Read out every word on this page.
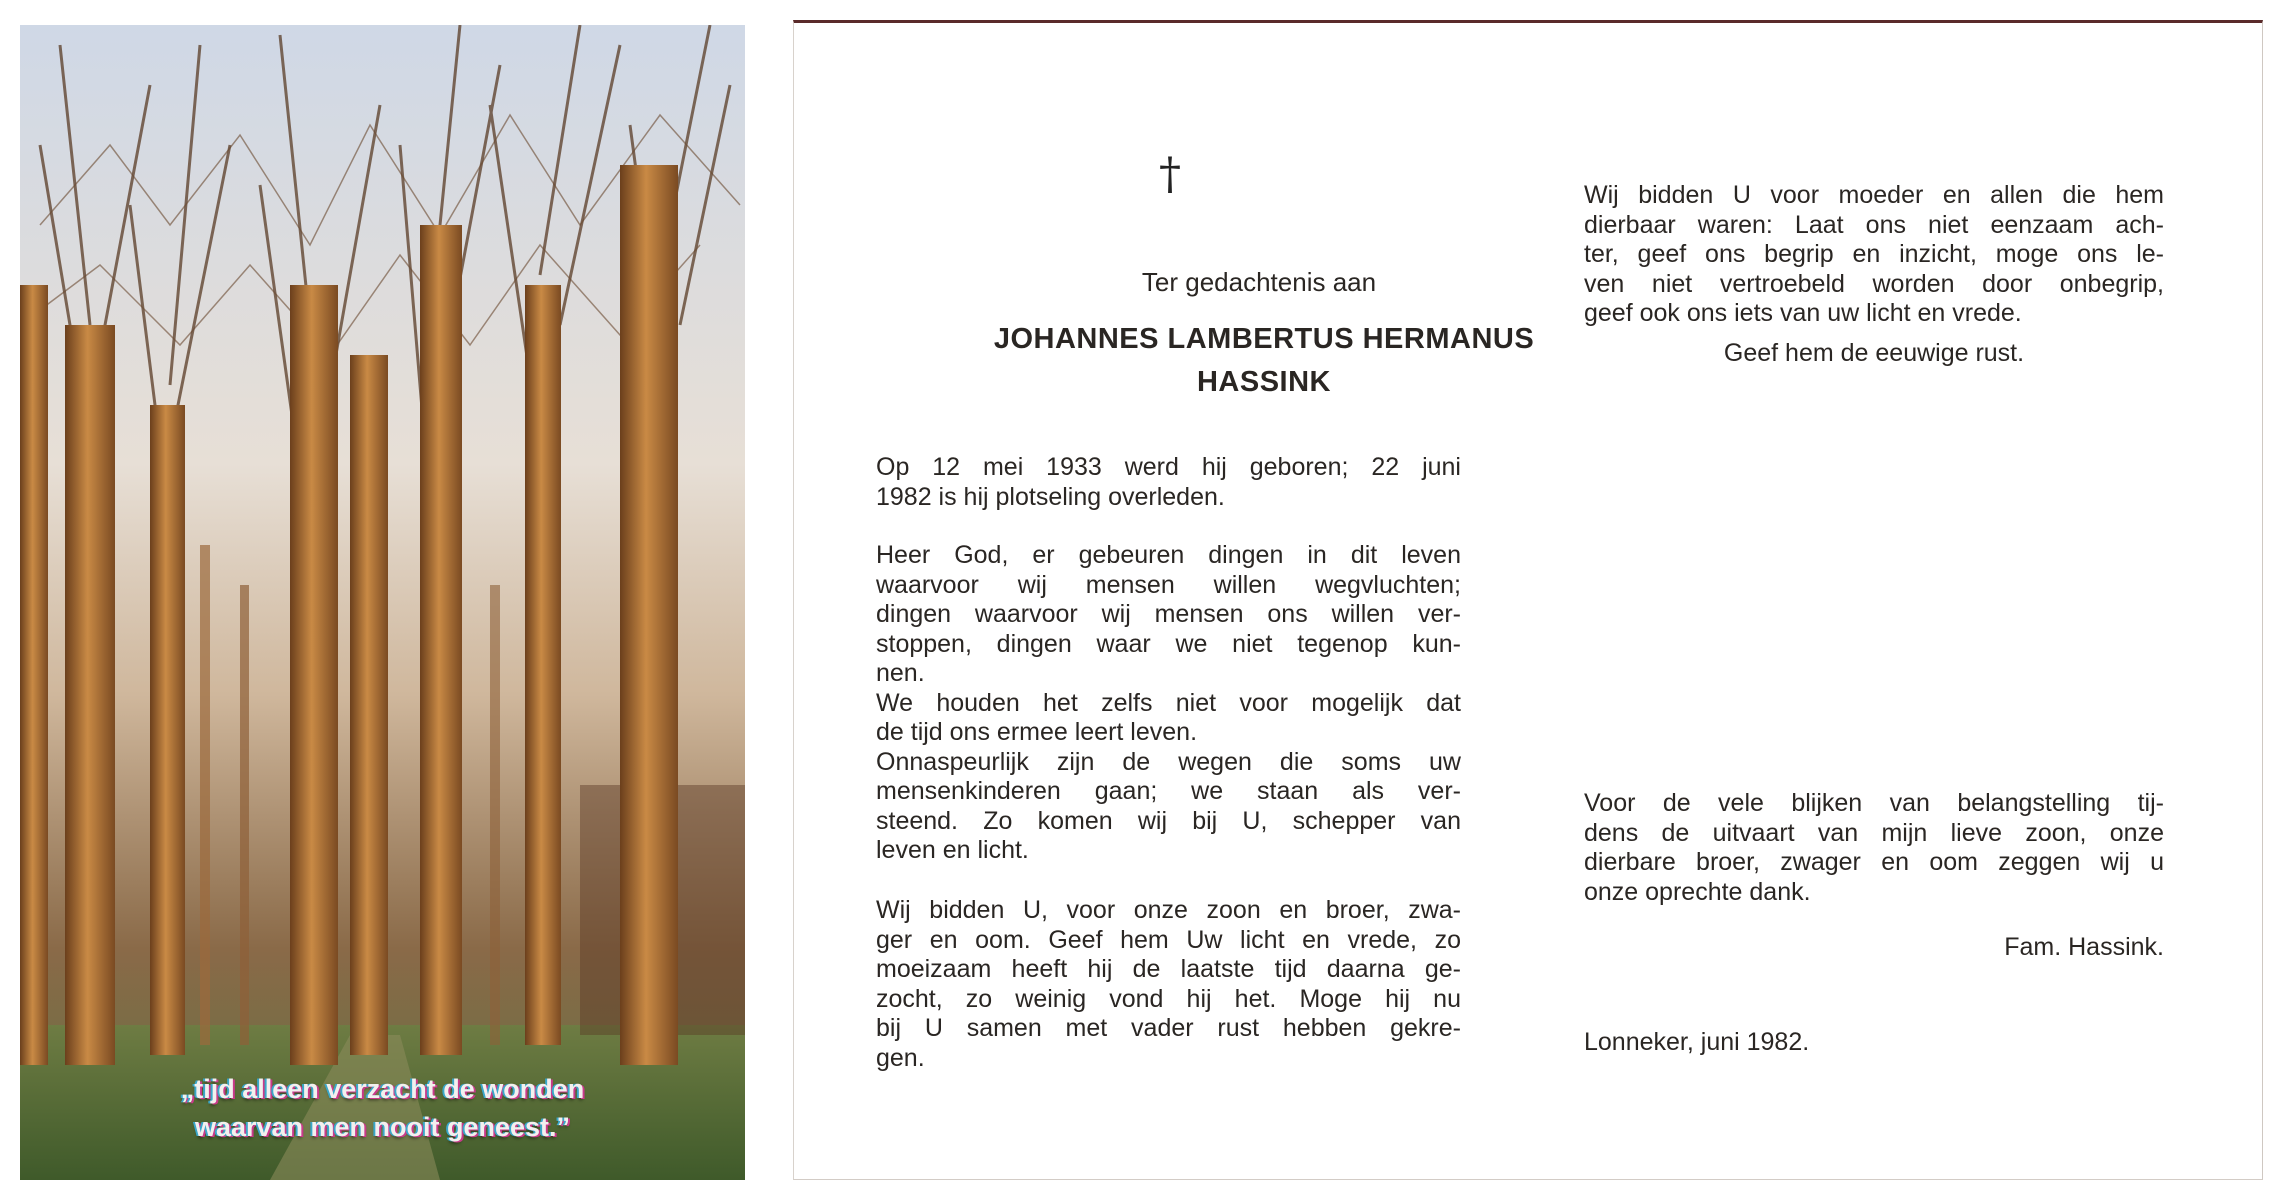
„tijd alleen verzacht de wonden
waarvan men nooit geneest.”
†
Ter gedachtenis aan
JOHANNES LAMBERTUS HERMANUS
HASSINK
Op 12 mei 1933 werd hij geboren; 22 juni
1982 is hij plotseling overleden.
Heer God, er gebeuren dingen in dit leven
waarvoor wij mensen willen wegvluchten;
dingen waarvoor wij mensen ons willen ver-
stoppen, dingen waar we niet tegenop kun-
nen.
We houden het zelfs niet voor mogelijk dat
de tijd ons ermee leert leven.
Onnaspeurlijk zijn de wegen die soms uw
mensenkinderen gaan; we staan als ver-
steend. Zo komen wij bij U, schepper van
leven en licht.
Wij bidden U, voor onze zoon en broer, zwa-
ger en oom. Geef hem Uw licht en vrede, zo
moeizaam heeft hij de laatste tijd daarna ge-
zocht, zo weinig vond hij het. Moge hij nu
bij U samen met vader rust hebben gekre-
gen.
Wij bidden U voor moeder en allen die hem
dierbaar waren: Laat ons niet eenzaam ach-
ter, geef ons begrip en inzicht, moge ons le-
ven niet vertroebeld worden door onbegrip,
geef ook ons iets van uw licht en vrede.
Geef hem de eeuwige rust.
Voor de vele blijken van belangstelling tij-
dens de uitvaart van mijn lieve zoon, onze
dierbare broer, zwager en oom zeggen wij u
onze oprechte dank.
Fam. Hassink.
Lonneker, juni 1982.
